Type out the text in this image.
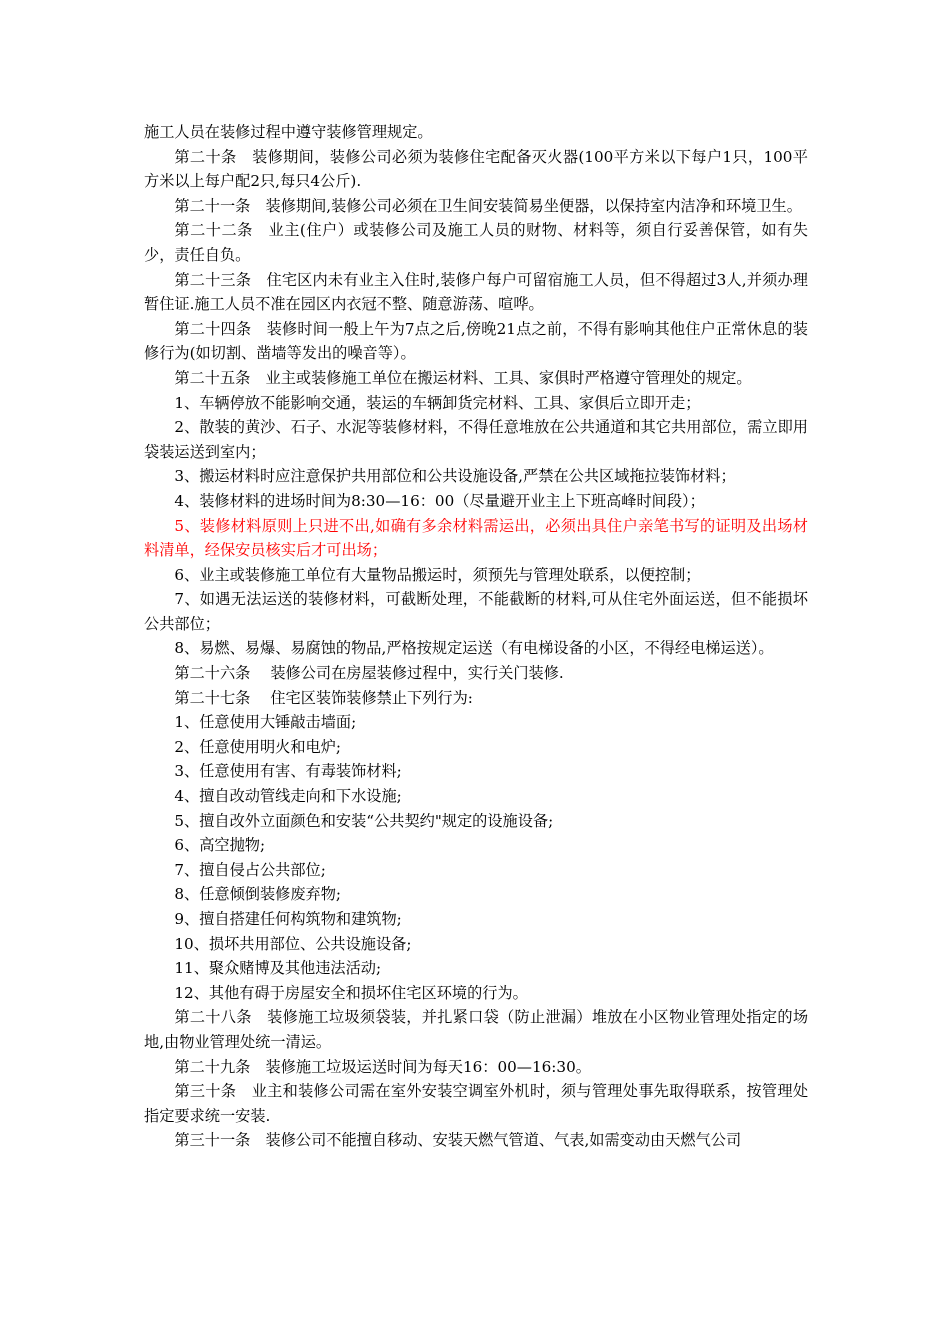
施工人员在装修过程中遵守装修管理规定。

第二十条　装修期间，装修公司必须为装修住宅配备灭火器(100平方米以下每户1只，100平方米以上每户配2只,每只4公斤).

第二十一条　装修期间,装修公司必须在卫生间安装简易坐便器，以保持室内洁净和环境卫生。

第二十二条　业主(住户）或装修公司及施工人员的财物、材料等，须自行妥善保管，如有失少，责任自负。

第二十三条　住宅区内未有业主入住时,装修户每户可留宿施工人员，但不得超过3人,并须办理暂住证.施工人员不准在园区内衣冠不整、随意游荡、喧哗。

第二十四条　装修时间一般上午为7点之后,傍晚21点之前，不得有影响其他住户正常休息的装修行为(如切割、凿墙等发出的噪音等）。

第二十五条　业主或装修施工单位在搬运材料、工具、家俱时严格遵守管理处的规定。

1、车辆停放不能影响交通，装运的车辆卸货完材料、工具、家俱后立即开走；

2、散装的黄沙、石子、水泥等装修材料，不得任意堆放在公共通道和其它共用部位，需立即用袋装运送到室内；

3、搬运材料时应注意保护共用部位和公共设施设备,严禁在公共区域拖拉装饰材料；

4、装修材料的进场时间为8:30—16：00（尽量避开业主上下班高峰时间段）；

5、装修材料原则上只进不出,如确有多余材料需运出，必须出具住户亲笔书写的证明及出场材料清单，经保安员核实后才可出场；

6、业主或装修施工单位有大量物品搬运时，须预先与管理处联系，以便控制；

7、如遇无法运送的装修材料，可截断处理，不能截断的材料,可从住宅外面运送，但不能损坏公共部位；

8、易燃、易爆、易腐蚀的物品,严格按规定运送（有电梯设备的小区，不得经电梯运送）。

第二十六条　 装修公司在房屋装修过程中，实行关门装修.

第二十七条　 住宅区装饰装修禁止下列行为:

1、任意使用大锤敲击墙面;

2、任意使用明火和电炉;

3、任意使用有害、有毒装饰材料;

4、擅自改动管线走向和下水设施;

5、擅自改外立面颜色和安装“公共契约"规定的设施设备;

6、高空抛物;

7、擅自侵占公共部位;

8、任意倾倒装修废弃物;

9、擅自搭建任何构筑物和建筑物;

10、损坏共用部位、公共设施设备;

11、聚众赌博及其他违法活动;

12、其他有碍于房屋安全和损坏住宅区环境的行为。

第二十八条　装修施工垃圾须袋装，并扎紧口袋（防止泄漏）堆放在小区物业管理处指定的场地,由物业管理处统一清运。

第二十九条　装修施工垃圾运送时间为每天16：00—16:30。

第三十条　业主和装修公司需在室外安装空调室外机时，须与管理处事先取得联系，按管理处指定要求统一安装.

第三十一条　装修公司不能擅自移动、安装天燃气管道、气表,如需变动由天燃气公司
